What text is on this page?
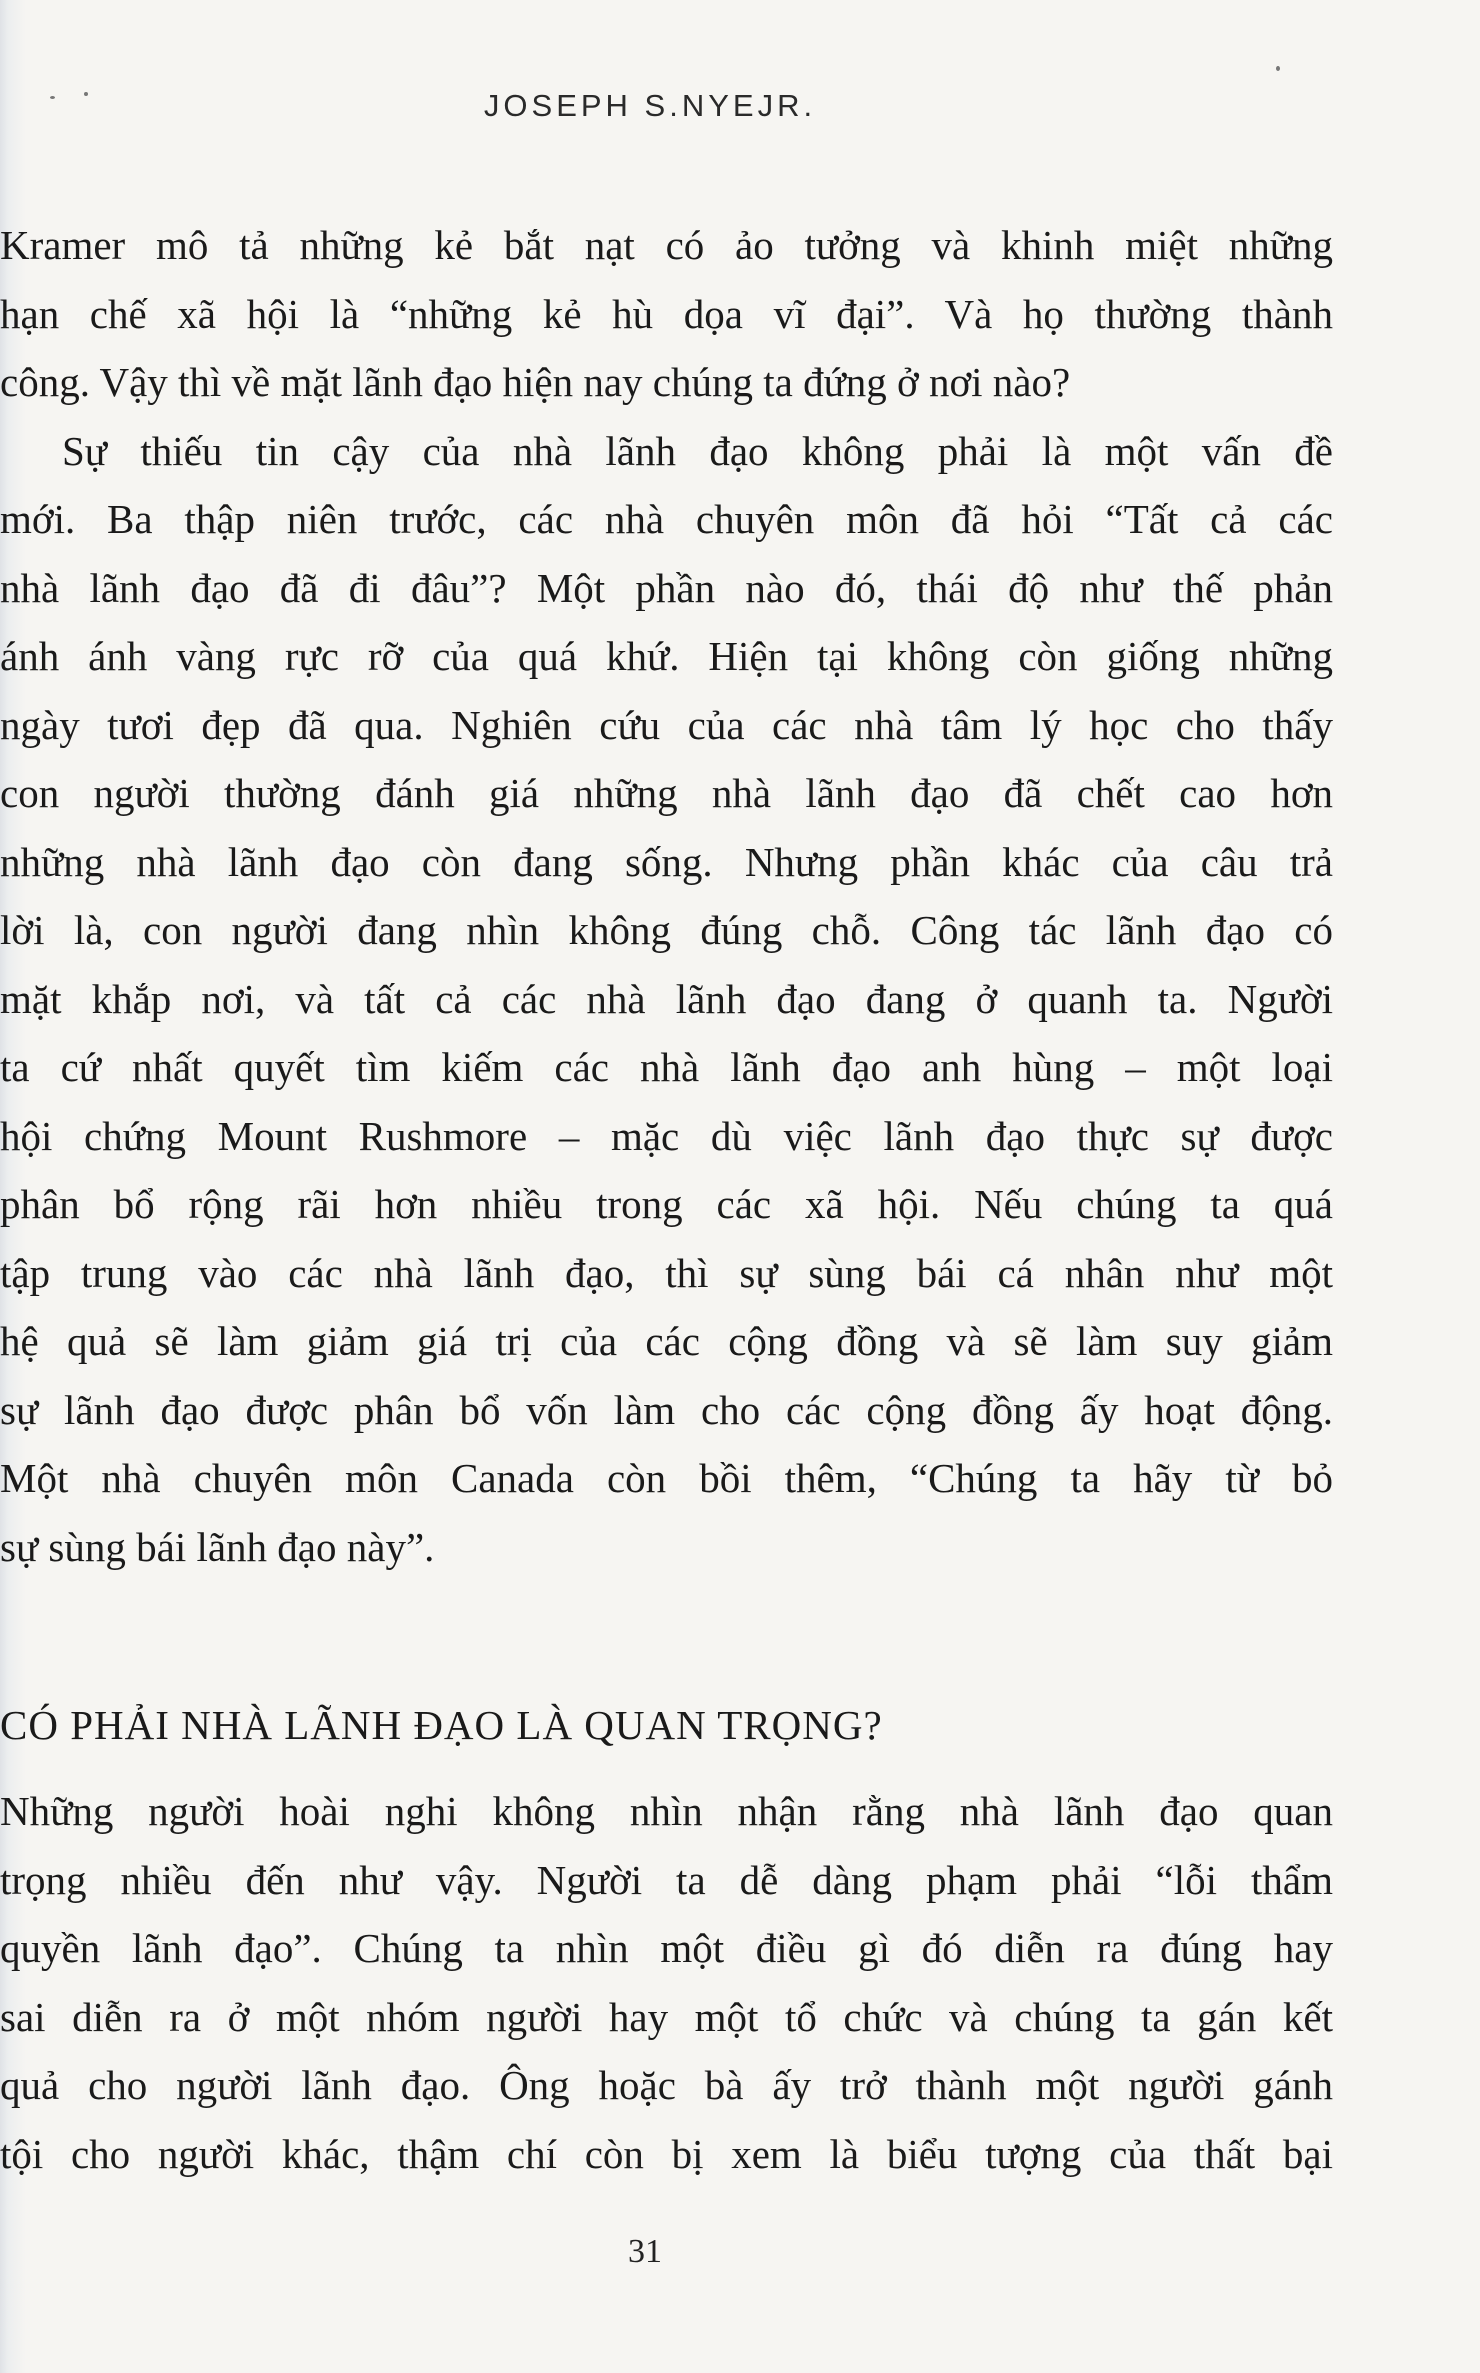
JOSEPH S.NYEJR.
Kramer mô tả những kẻ bắt nạt có ảo tưởng và khinh miệt những
hạn chế xã hội là “những kẻ hù dọa vĩ đại”. Và họ thường thành
công. Vậy thì về mặt lãnh đạo hiện nay chúng ta đứng ở nơi nào?
Sự thiếu tin cậy của nhà lãnh đạo không phải là một vấn đề
mới. Ba thập niên trước, các nhà chuyên môn đã hỏi “Tất cả các
nhà lãnh đạo đã đi đâu”? Một phần nào đó, thái độ như thế phản
ánh ánh vàng rực rỡ của quá khứ. Hiện tại không còn giống những
ngày tươi đẹp đã qua. Nghiên cứu của các nhà tâm lý học cho thấy
con người thường đánh giá những nhà lãnh đạo đã chết cao hơn
những nhà lãnh đạo còn đang sống. Nhưng phần khác của câu trả
lời là, con người đang nhìn không đúng chỗ. Công tác lãnh đạo có
mặt khắp nơi, và tất cả các nhà lãnh đạo đang ở quanh ta. Người
ta cứ nhất quyết tìm kiếm các nhà lãnh đạo anh hùng – một loại
hội chứng Mount Rushmore – mặc dù việc lãnh đạo thực sự được
phân bổ rộng rãi hơn nhiều trong các xã hội. Nếu chúng ta quá
tập trung vào các nhà lãnh đạo, thì sự sùng bái cá nhân như một
hệ quả sẽ làm giảm giá trị của các cộng đồng và sẽ làm suy giảm
sự lãnh đạo được phân bổ vốn làm cho các cộng đồng ấy hoạt động.
Một nhà chuyên môn Canada còn bồi thêm, “Chúng ta hãy từ bỏ
sự sùng bái lãnh đạo này”.
CÓ PHẢI NHÀ LÃNH ĐẠO LÀ QUAN TRỌNG?
Những người hoài nghi không nhìn nhận rằng nhà lãnh đạo quan
trọng nhiều đến như vậy. Người ta dễ dàng phạm phải “lỗi thẩm
quyền lãnh đạo”. Chúng ta nhìn một điều gì đó diễn ra đúng hay
sai diễn ra ở một nhóm người hay một tổ chức và chúng ta gán kết
quả cho người lãnh đạo. Ông hoặc bà ấy trở thành một người gánh
tội cho người khác, thậm chí còn bị xem là biểu tượng của thất bại
31
